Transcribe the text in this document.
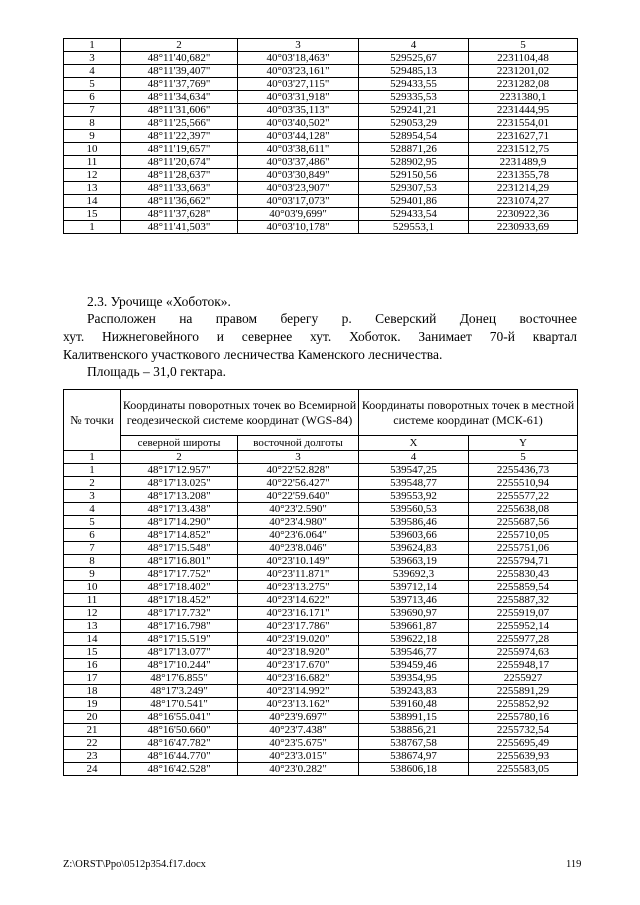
1	2	3	4	5
3	48°11'40,682"	40°03'18,463"	529525,67	2231104,48
4	48°11'39,407"	40°03'23,161"	529485,13	2231201,02
5	48°11'37,769"	40°03'27,115"	529433,55	2231282,08
6	48°11'34,634"	40°03'31,918"	529335,53	2231380,1
7	48°11'31,606"	40°03'35,113"	529241,21	2231444,95
8	48°11'25,566"	40°03'40,502"	529053,29	2231554,01
9	48°11'22,397"	40°03'44,128"	528954,54	2231627,71
10	48°11'19,657"	40°03'38,611"	528871,26	2231512,75
11	48°11'20,674"	40°03'37,486"	528902,95	2231489,9
12	48°11'28,637"	40°03'30,849"	529150,56	2231355,78
13	48°11'33,663"	40°03'23,907"	529307,53	2231214,29
14	48°11'36,662"	40°03'17,073"	529401,86	2231074,27
15	48°11'37,628"	40°03'9,699"	529433,54	2230922,36
1	48°11'41,503"	40°03'10,178"	529553,1	2230933,69
2.3. Урочище «Хоботок».
Расположен на правом берегу р. Северский Донец восточнее
хут. Нижнеговейного и севернее хут. Хоботок. Занимает 70-й квартал
Калитвенского участкового лесничества Каменского лесничества.
Площадь – 31,0 гектара.
№ точки	Координаты поворотных точек во Всемирной геодезической системе координат (WGS-84)		Координаты поворотных точек в местной системе координат (МСК-61)	
	северной широты	восточной долготы	X	Y
1	2	3	4	5
1	48°17'12.957"	40°22'52.828"	539547,25	2255436,73
2	48°17'13.025"	40°22'56.427"	539548,77	2255510,94
3	48°17'13.208"	40°22'59.640"	539553,92	2255577,22
4	48°17'13.438"	40°23'2.590"	539560,53	2255638,08
5	48°17'14.290"	40°23'4.980"	539586,46	2255687,56
6	48°17'14.852"	40°23'6.064"	539603,66	2255710,05
7	48°17'15.548"	40°23'8.046"	539624,83	2255751,06
8	48°17'16.801"	40°23'10.149"	539663,19	2255794,71
9	48°17'17.752"	40°23'11.871"	539692,3	2255830,43
10	48°17'18.402"	40°23'13.275"	539712,14	2255859,54
11	48°17'18.452"	40°23'14.622"	539713,46	2255887,32
12	48°17'17.732"	40°23'16.171"	539690,97	2255919,07
13	48°17'16.798"	40°23'17.786"	539661,87	2255952,14
14	48°17'15.519"	40°23'19.020"	539622,18	2255977,28
15	48°17'13.077"	40°23'18.920"	539546,77	2255974,63
16	48°17'10.244"	40°23'17.670"	539459,46	2255948,17
17	48°17'6.855"	40°23'16.682"	539354,95	2255927
18	48°17'3.249"	40°23'14.992"	539243,83	2255891,29
19	48°17'0.541"	40°23'13.162"	539160,48	2255852,92
20	48°16'55.041"	40°23'9.697"	538991,15	2255780,16
21	48°16'50.660"	40°23'7.438"	538856,21	2255732,54
22	48°16'47.782"	40°23'5.675"	538767,58	2255695,49
23	48°16'44.770"	40°23'3.015"	538674,97	2255639,93
24	48°16'42.528"	40°23'0.282"	538606,18	2255583,05
Z:\ORST\Ppo\0512p354.f17.docx	119
